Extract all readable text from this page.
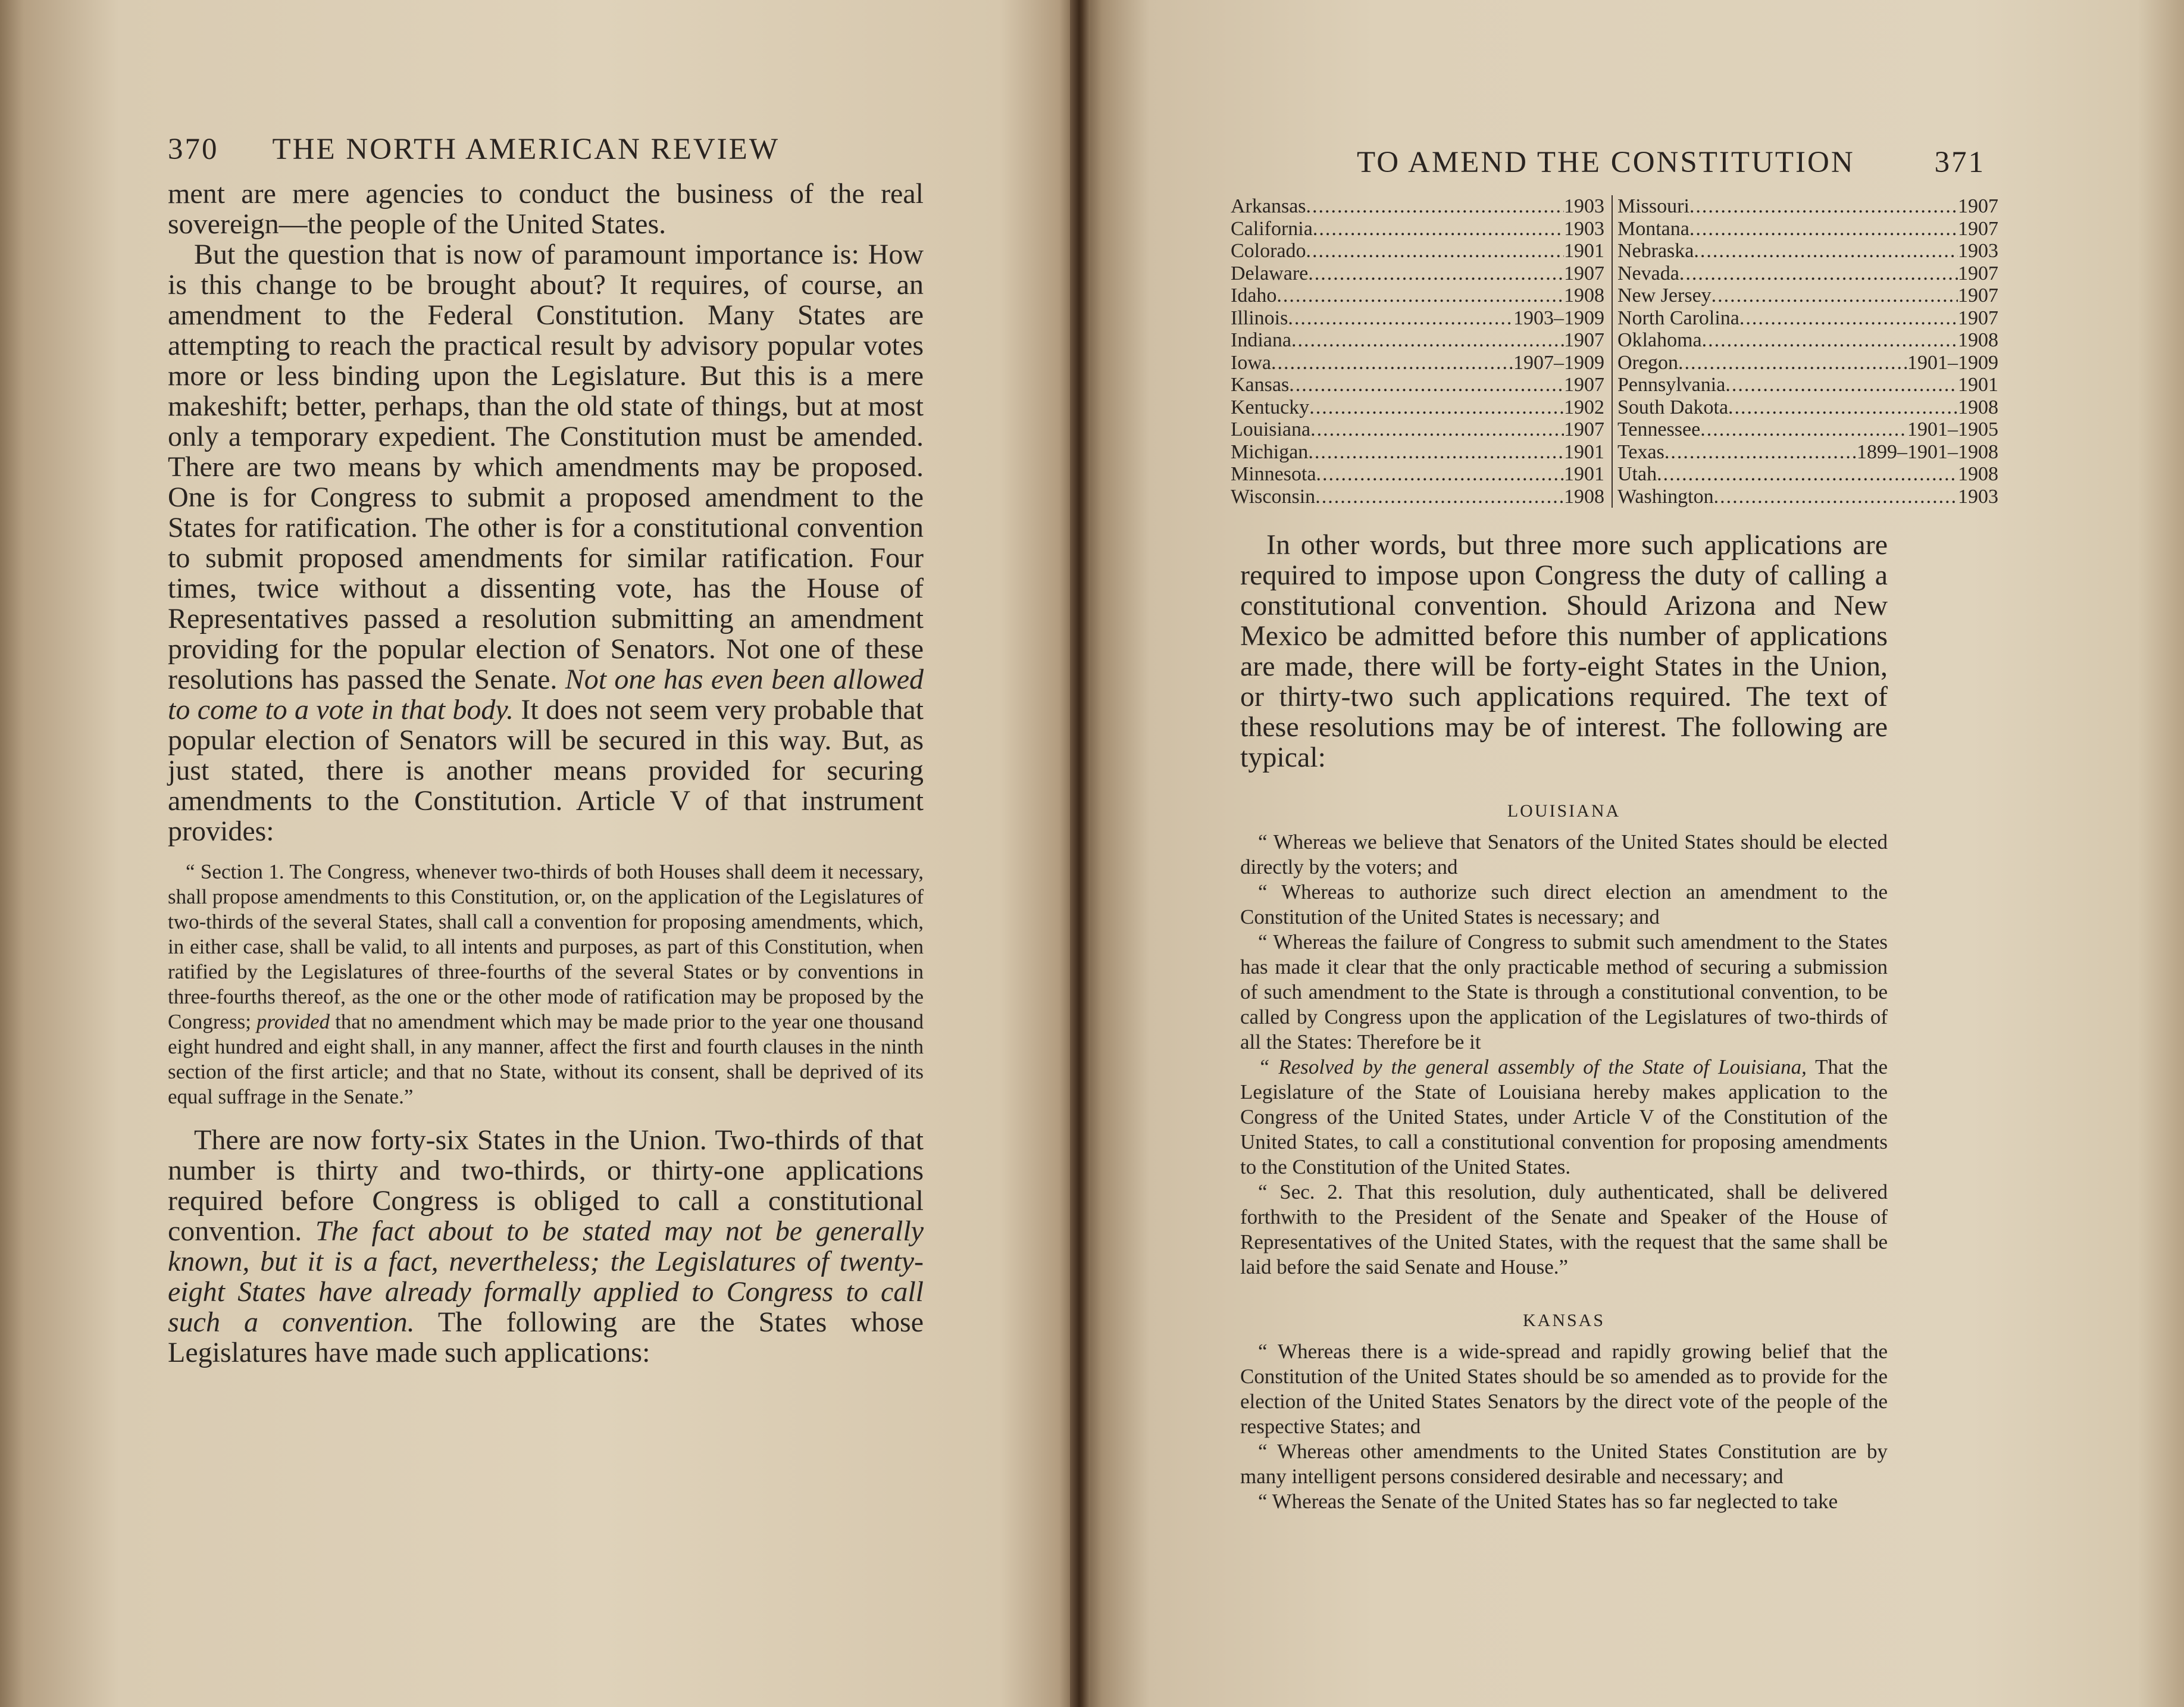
370 THE NORTH AMERICAN REVIEW

ment are mere agencies to conduct the business of the real sovereign—the people of the United States.

But the question that is now of paramount importance is: How is this change to be brought about? It requires, of course, an amendment to the Federal Constitution. Many States are attempting to reach the practical result by advisory popular votes more or less binding upon the Legislature. But this is a mere makeshift; better, perhaps, than the old state of things, but at most only a temporary expedient. The Constitution must be amended. There are two means by which amendments may be proposed. One is for Congress to submit a proposed amendment to the States for ratification. The other is for a constitutional convention to submit proposed amendments for similar ratification. Four times, twice without a dissenting vote, has the House of Representatives passed a resolution submitting an amendment providing for the popular election of Senators. Not one of these resolutions has passed the Senate. Not one has even been allowed to come to a vote in that body. It does not seem very probable that popular election of Senators will be secured in this way. But, as just stated, there is another means provided for securing amendments to the Constitution. Article V of that instrument provides:

“ Section 1. The Congress, whenever two-thirds of both Houses shall deem it necessary, shall propose amendments to this Constitution, or, on the application of the Legislatures of two-thirds of the several States, shall call a convention for proposing amendments, which, in either case, shall be valid, to all intents and purposes, as part of this Constitution, when ratified by the Legislatures of three-fourths of the several States or by conventions in three-fourths thereof, as the one or the other mode of ratification may be proposed by the Congress; provided that no amendment which may be made prior to the year one thousand eight hundred and eight shall, in any manner, affect the first and fourth clauses in the ninth section of the first article; and that no State, without its consent, shall be deprived of its equal suffrage in the Senate.”

There are now forty-six States in the Union. Two-thirds of that number is thirty and two-thirds, or thirty-one applications required before Congress is obliged to call a constitutional convention. The fact about to be stated may not be generally known, but it is a fact, nevertheless; the Legislatures of twenty-eight States have already formally applied to Congress to call such a convention. The following are the States whose Legislatures have made such applications:

TO AMEND THE CONSTITUTION	371
Arkansas .....	1903
California .....	1903
Colorado .....	1901
Delaware .....	1907
Idaho .....	1908
Illinois .....	1903–1909
Indiana .....	1907
Iowa .....	1907–1909
Kansas .....	1907
Kentucky .....	1902
Louisiana .....	1907
Michigan .....	1901
Minnesota .....	1901
Wisconsin .....	1908
Missouri .....	1907
Montana .....	1907
Nebraska .....	1903
Nevada .....	1907
New Jersey .....	1907
North Carolina .....	1907
Oklahoma .....	1908
Oregon .....	1901–1909
Pennsylvania .....	1901
South Dakota .....	1908
Tennessee .....	1901–1905
Texas .....	1899–1901–1908
Utah .....	1908
Washington .....	1903

In other words, but three more such applications are required to impose upon Congress the duty of calling a constitutional convention. Should Arizona and New Mexico be admitted before this number of applications are made, there will be forty-eight States in the Union, or thirty-two such applications required. The text of these resolutions may be of interest. The following are typical:

LOUISIANA

“ Whereas we believe that Senators of the United States should be elected directly by the voters; and

“ Whereas to authorize such direct election an amendment to the Constitution of the United States is necessary; and

“ Whereas the failure of Congress to submit such amendment to the States has made it clear that the only practicable method of securing a submission of such amendment to the State is through a constitutional convention, to be called by Congress upon the application of the Legislatures of two-thirds of all the States: Therefore be it

“ Resolved by the general assembly of the State of Louisiana, That the Legislature of the State of Louisiana hereby makes application to the Congress of the United States, under Article V of the Constitution of the United States, to call a constitutional convention for proposing amendments to the Constitution of the United States.

“ Sec. 2. That this resolution, duly authenticated, shall be delivered forthwith to the President of the Senate and Speaker of the House of Representatives of the United States, with the request that the same shall be laid before the said Senate and House.”

KANSAS

“ Whereas there is a wide-spread and rapidly growing belief that the Constitution of the United States should be so amended as to provide for the election of the United States Senators by the direct vote of the people of the respective States; and

“ Whereas other amendments to the United States Constitution are by many intelligent persons considered desirable and necessary; and

“ Whereas the Senate of the United States has so far neglected to take
